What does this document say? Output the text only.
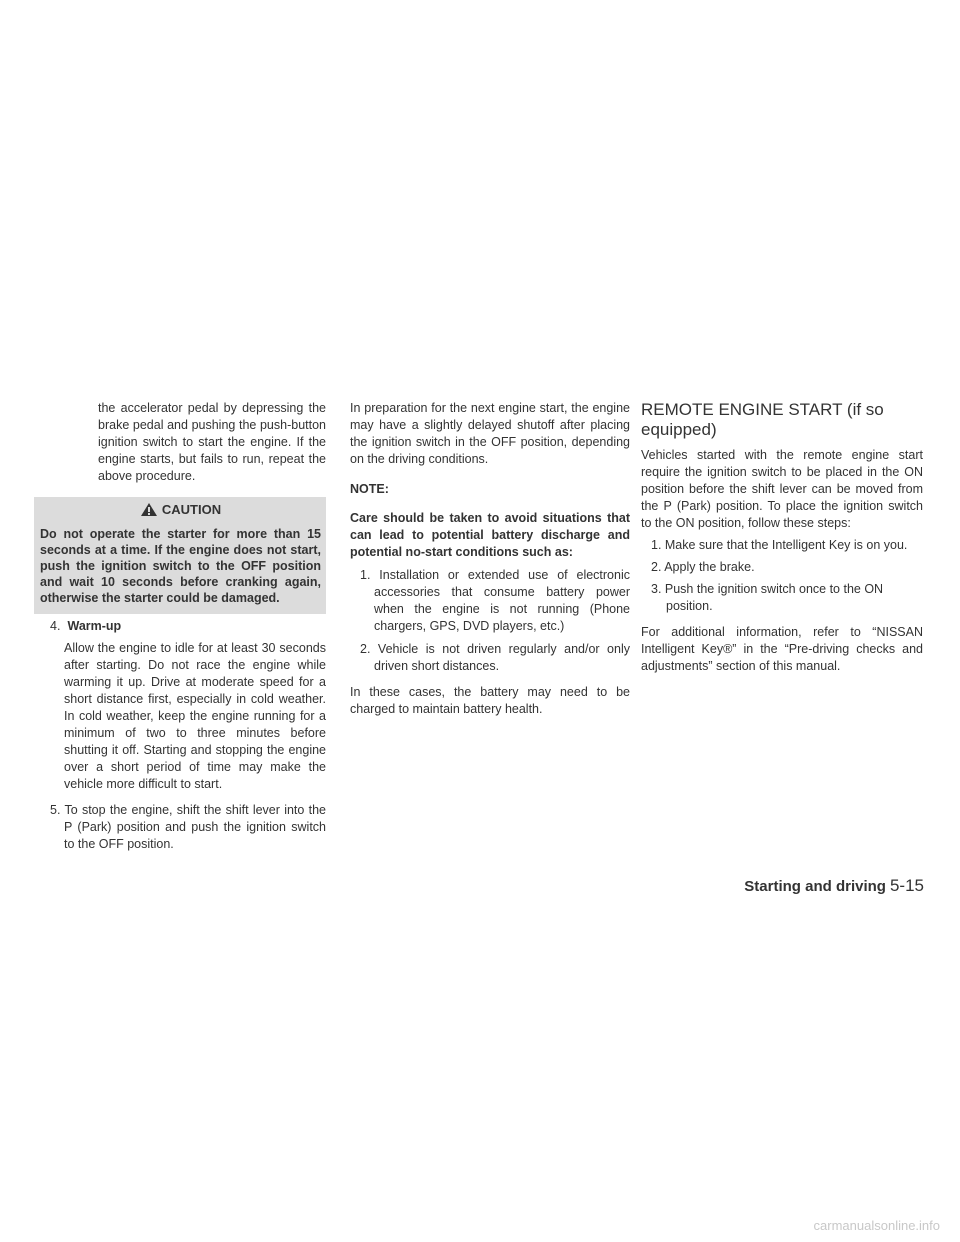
the accelerator pedal by depressing the brake pedal and pushing the push-button ignition switch to start the engine. If the engine starts, but fails to run, repeat the above procedure.

CAUTION

Do not operate the starter for more than 15 seconds at a time. If the engine does not start, push the ignition switch to the OFF position and wait 10 seconds before cranking again, otherwise the starter could be damaged.

4. Warm-up

Allow the engine to idle for at least 30 seconds after starting. Do not race the engine while warming it up. Drive at moderate speed for a short distance first, especially in cold weather. In cold weather, keep the engine running for a minimum of two to three minutes before shutting it off. Starting and stopping the engine over a short period of time may make the vehicle more difficult to start.

5. To stop the engine, shift the shift lever into the P (Park) position and push the ignition switch to the OFF position.

In preparation for the next engine start, the engine may have a slightly delayed shutoff after placing the ignition switch in the OFF position, depending on the driving conditions.

NOTE:

Care should be taken to avoid situations that can lead to potential battery discharge and potential no-start conditions such as:

1. Installation or extended use of electronic accessories that consume battery power when the engine is not running (Phone chargers, GPS, DVD players, etc.)

2. Vehicle is not driven regularly and/or only driven short distances.

In these cases, the battery may need to be charged to maintain battery health.

REMOTE ENGINE START (if so equipped)

Vehicles started with the remote engine start require the ignition switch to be placed in the ON position before the shift lever can be moved from the P (Park) position. To place the ignition switch to the ON position, follow these steps:

1. Make sure that the Intelligent Key is on you.

2. Apply the brake.

3. Push the ignition switch once to the ON position.

For additional information, refer to “NISSAN Intelligent Key®” in the “Pre-driving checks and adjustments” section of this manual.

Starting and driving 5-15
carmanualsonline.info
